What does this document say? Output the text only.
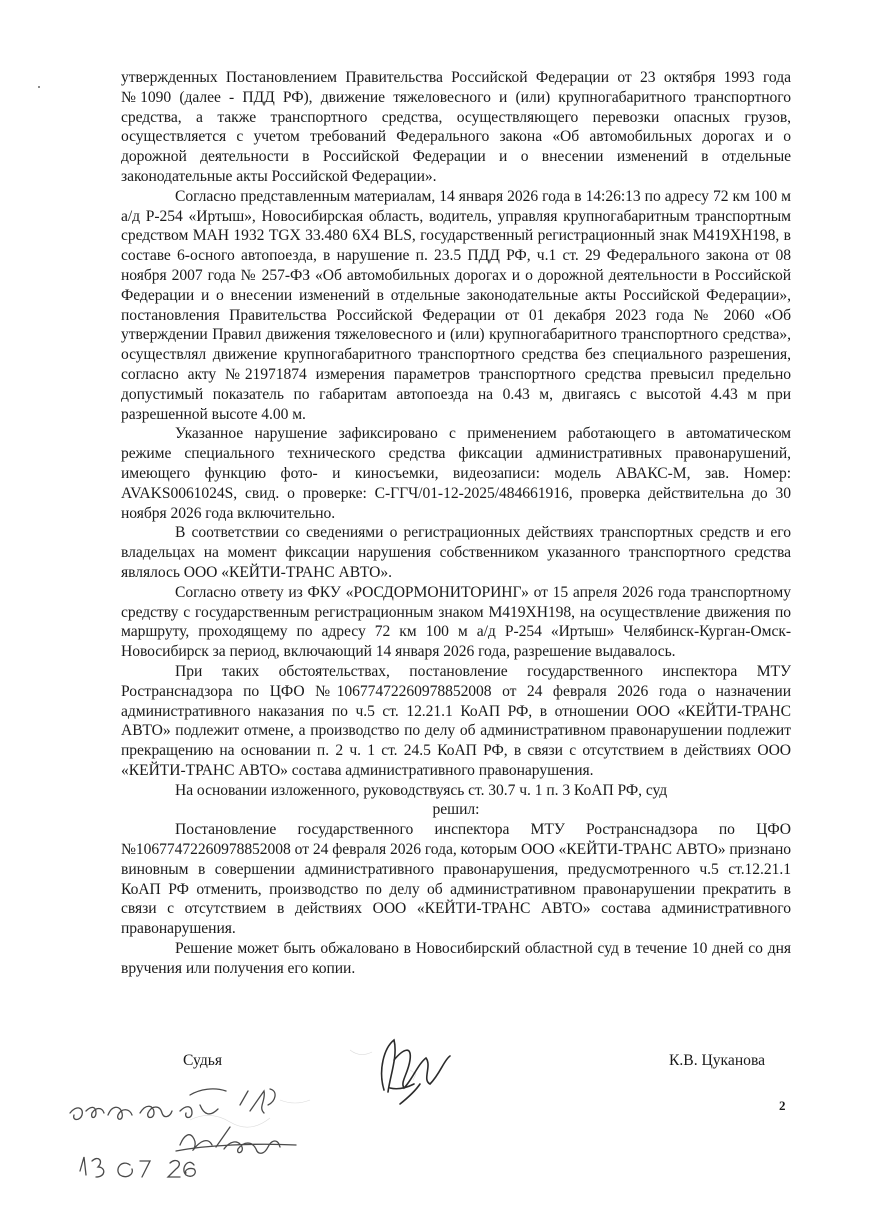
утвержденных Постановлением Правительства Российской Федерации от 23 октября 1993 года №1090 (далее - ПДД РФ), движение тяжеловесного и (или) крупногабаритного транспортного средства, а также транспортного средства, осуществляющего перевозки опасных грузов, осуществляется с учетом требований Федерального закона «Об автомобильных дорогах и о дорожной деятельности в Российской Федерации и о внесении изменений в отдельные законодательные акты Российской Федерации».

Согласно представленным материалам, 14 января 2026 года в 14:26:13 по адресу 72 км 100 м а/д Р-254 «Иртыш», Новосибирская область, водитель, управляя крупногабаритным транспортным средством МАН 1932 TGX 33.480 6X4 BLS, государственный регистрационный знак М419ХН198, в составе 6-осного автопоезда, в нарушение п. 23.5 ПДД РФ, ч.1 ст. 29 Федерального закона от 08 ноября 2007 года № 257-ФЗ «Об автомобильных дорогах и о дорожной деятельности в Российской Федерации и о внесении изменений в отдельные законодательные акты Российской Федерации», постановления Правительства Российской Федерации от 01 декабря 2023 года № 2060 «Об утверждении Правил движения тяжеловесного и (или) крупногабаритного транспортного средства», осуществлял движение крупногабаритного транспортного средства без специального разрешения, согласно акту №21971874 измерения параметров транспортного средства превысил предельно допустимый показатель по габаритам автопоезда на 0.43 м, двигаясь с высотой 4.43 м при разрешенной высоте 4.00 м.

Указанное нарушение зафиксировано с применением работающего в автоматическом режиме специального технического средства фиксации административных правонарушений, имеющего функцию фото- и киносъемки, видеозаписи: модель АВАКС-М, зав. Номер: AVAKS0061024S, свид. о проверке: С-ГГЧ/01-12-2025/484661916, проверка действительна до 30 ноября 2026 года включительно.

В соответствии со сведениями о регистрационных действиях транспортных средств и его владельцах на момент фиксации нарушения собственником указанного транспортного средства являлось ООО «КЕЙТИ-ТРАНС АВТО».

Согласно ответу из ФКУ «РОСДОРМОНИТОРИНГ» от 15 апреля 2026 года транспортному средству с государственным регистрационным знаком М419ХН198, на осуществление движения по маршруту, проходящему по адресу 72 км 100 м а/д Р-254 «Иртыш» Челябинск-Курган-Омск-Новосибирск за период, включающий 14 января 2026 года, разрешение выдавалось.

При таких обстоятельствах, постановление государственного инспектора МТУ Ространснадзора по ЦФО №10677472260978852008 от 24 февраля 2026 года о назначении административного наказания по ч.5 ст. 12.21.1 КоАП РФ, в отношении ООО «КЕЙТИ-ТРАНС АВТО» подлежит отмене, а производство по делу об административном правонарушении подлежит прекращению на основании п. 2 ч. 1 ст. 24.5 КоАП РФ, в связи с отсутствием в действиях ООО «КЕЙТИ-ТРАНС АВТО» состава административного правонарушения.

На основании изложенного, руководствуясь ст. 30.7 ч. 1 п. 3 КоАП РФ, суд

решил:

Постановление государственного инспектора МТУ Ространснадзора по ЦФО №10677472260978852008 от 24 февраля 2026 года, которым ООО «КЕЙТИ-ТРАНС АВТО» признано виновным в совершении административного правонарушения, предусмотренного ч.5 ст.12.21.1 КоАП РФ отменить, производство по делу об административном правонарушении прекратить в связи с отсутствием в действиях ООО «КЕЙТИ-ТРАНС АВТО» состава административного правонарушения.

Решение может быть обжаловано в Новосибирский областной суд в течение 10 дней со дня вручения или получения его копии.

Судья	К.В. Цуканова
2
